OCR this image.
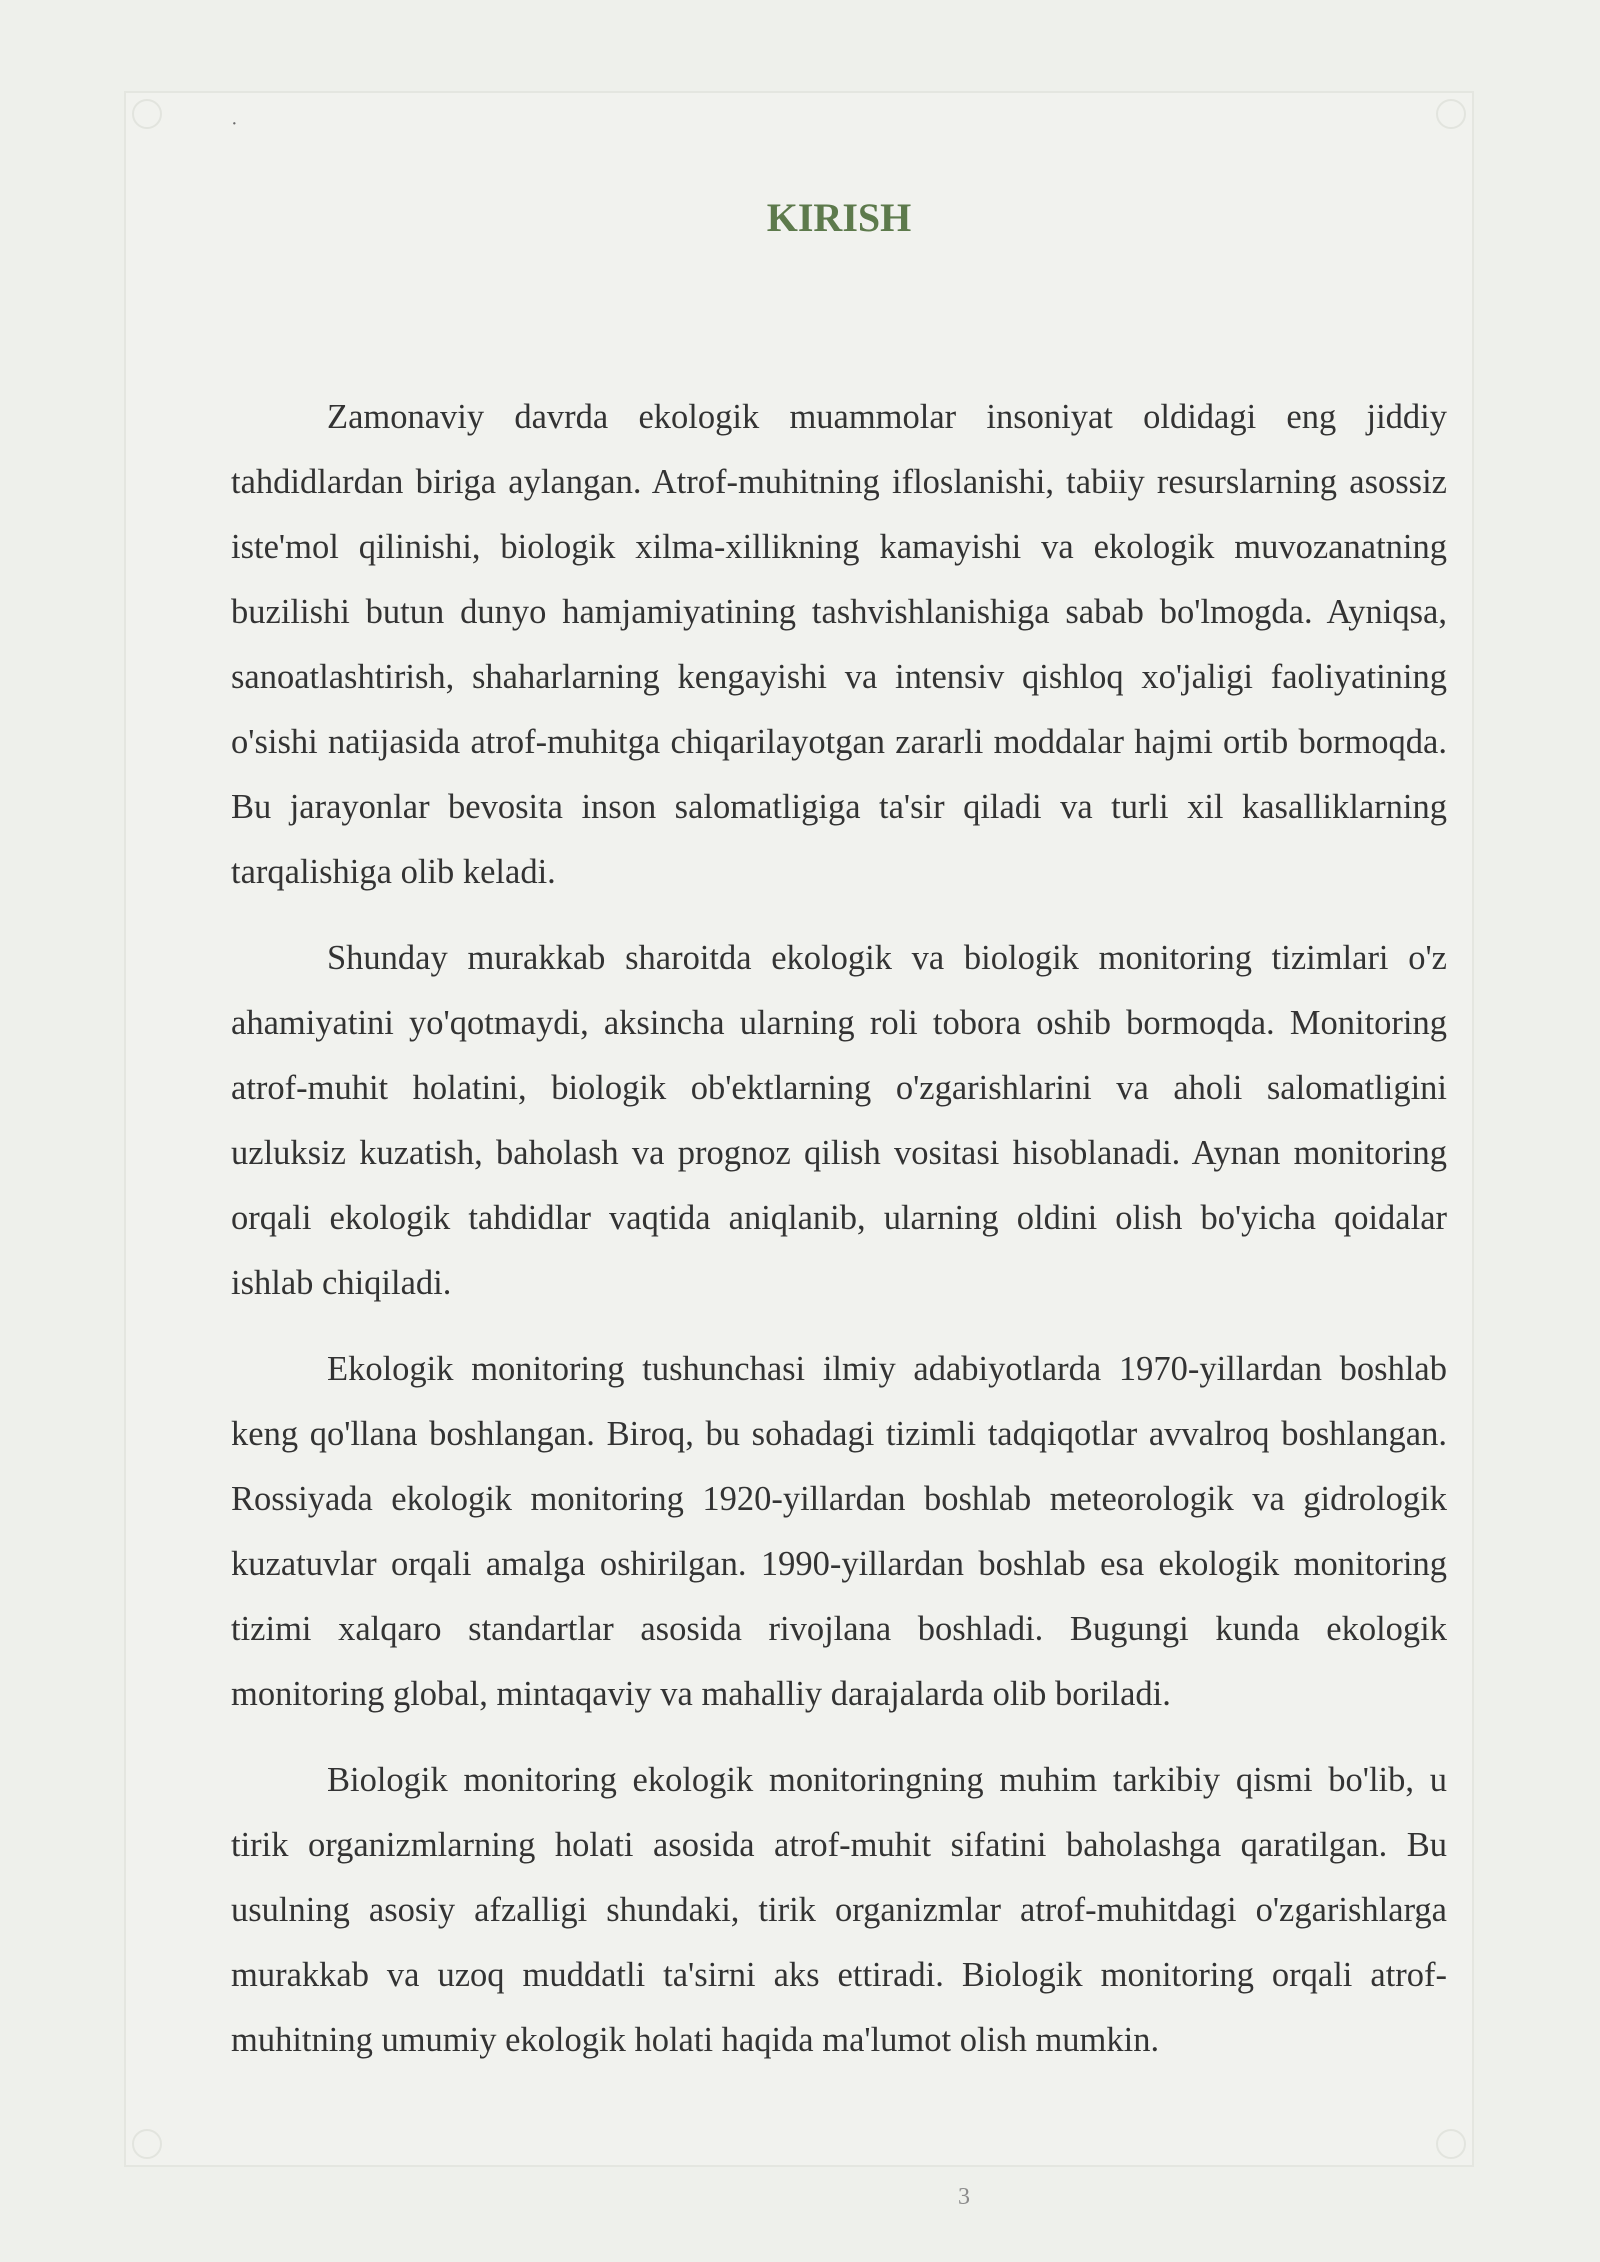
·
KIRISH

Zamonaviy davrda ekologik muammolar insoniyat oldidagi eng jiddiy tahdidlardan biriga aylangan. Atrof-muhitning ifloslanishi, tabiiy resurslarning asossiz iste'mol qilinishi, biologik xilma-xillikning kamayishi va ekologik muvozanatning buzilishi butun dunyo hamjamiyatining tashvishlanishiga sabab bo'lmogda. Ayniqsa, sanoatlashtirish, shaharlarning kengayishi va intensiv qishloq xo'jaligi faoliyatining o'sishi natijasida atrof-muhitga chiqarilayotgan zararli moddalar hajmi ortib bormoqda. Bu jarayonlar bevosita inson salomatligiga ta'sir qiladi va turli xil kasalliklarning tarqalishiga olib keladi.

Shunday murakkab sharoitda ekologik va biologik monitoring tizimlari o'z ahamiyatini yo'qotmaydi, aksincha ularning roli tobora oshib bormoqda. Monitoring atrof-muhit holatini, biologik ob'ektlarning o'zgarishlarini va aholi salomatligini uzluksiz kuzatish, baholash va prognoz qilish vositasi hisoblanadi. Aynan monitoring orqali ekologik tahdidlar vaqtida aniqlanib, ularning oldini olish bo'yicha qoidalar ishlab chiqiladi.

Ekologik monitoring tushunchasi ilmiy adabiyotlarda 1970-yillardan boshlab keng qo'llana boshlangan. Biroq, bu sohadagi tizimli tadqiqotlar avvalroq boshlangan. Rossiyada ekologik monitoring 1920-yillardan boshlab meteorologik va gidrologik kuzatuvlar orqali amalga oshirilgan. 1990-yillardan boshlab esa ekologik monitoring tizimi xalqaro standartlar asosida rivojlana boshladi. Bugungi kunda ekologik monitoring global, mintaqaviy va mahalliy darajalarda olib boriladi.

Biologik monitoring ekologik monitoringning muhim tarkibiy qismi bo'lib, u tirik organizmlarning holati asosida atrof-muhit sifatini baholashga qaratilgan. Bu usulning asosiy afzalligi shundaki, tirik organizmlar atrof-muhitdagi o'zgarishlarga murakkab va uzoq muddatli ta'sirni aks ettiradi. Biologik monitoring orqali atrof-muhitning umumiy ekologik holati haqida ma'lumot olish mumkin.

3
